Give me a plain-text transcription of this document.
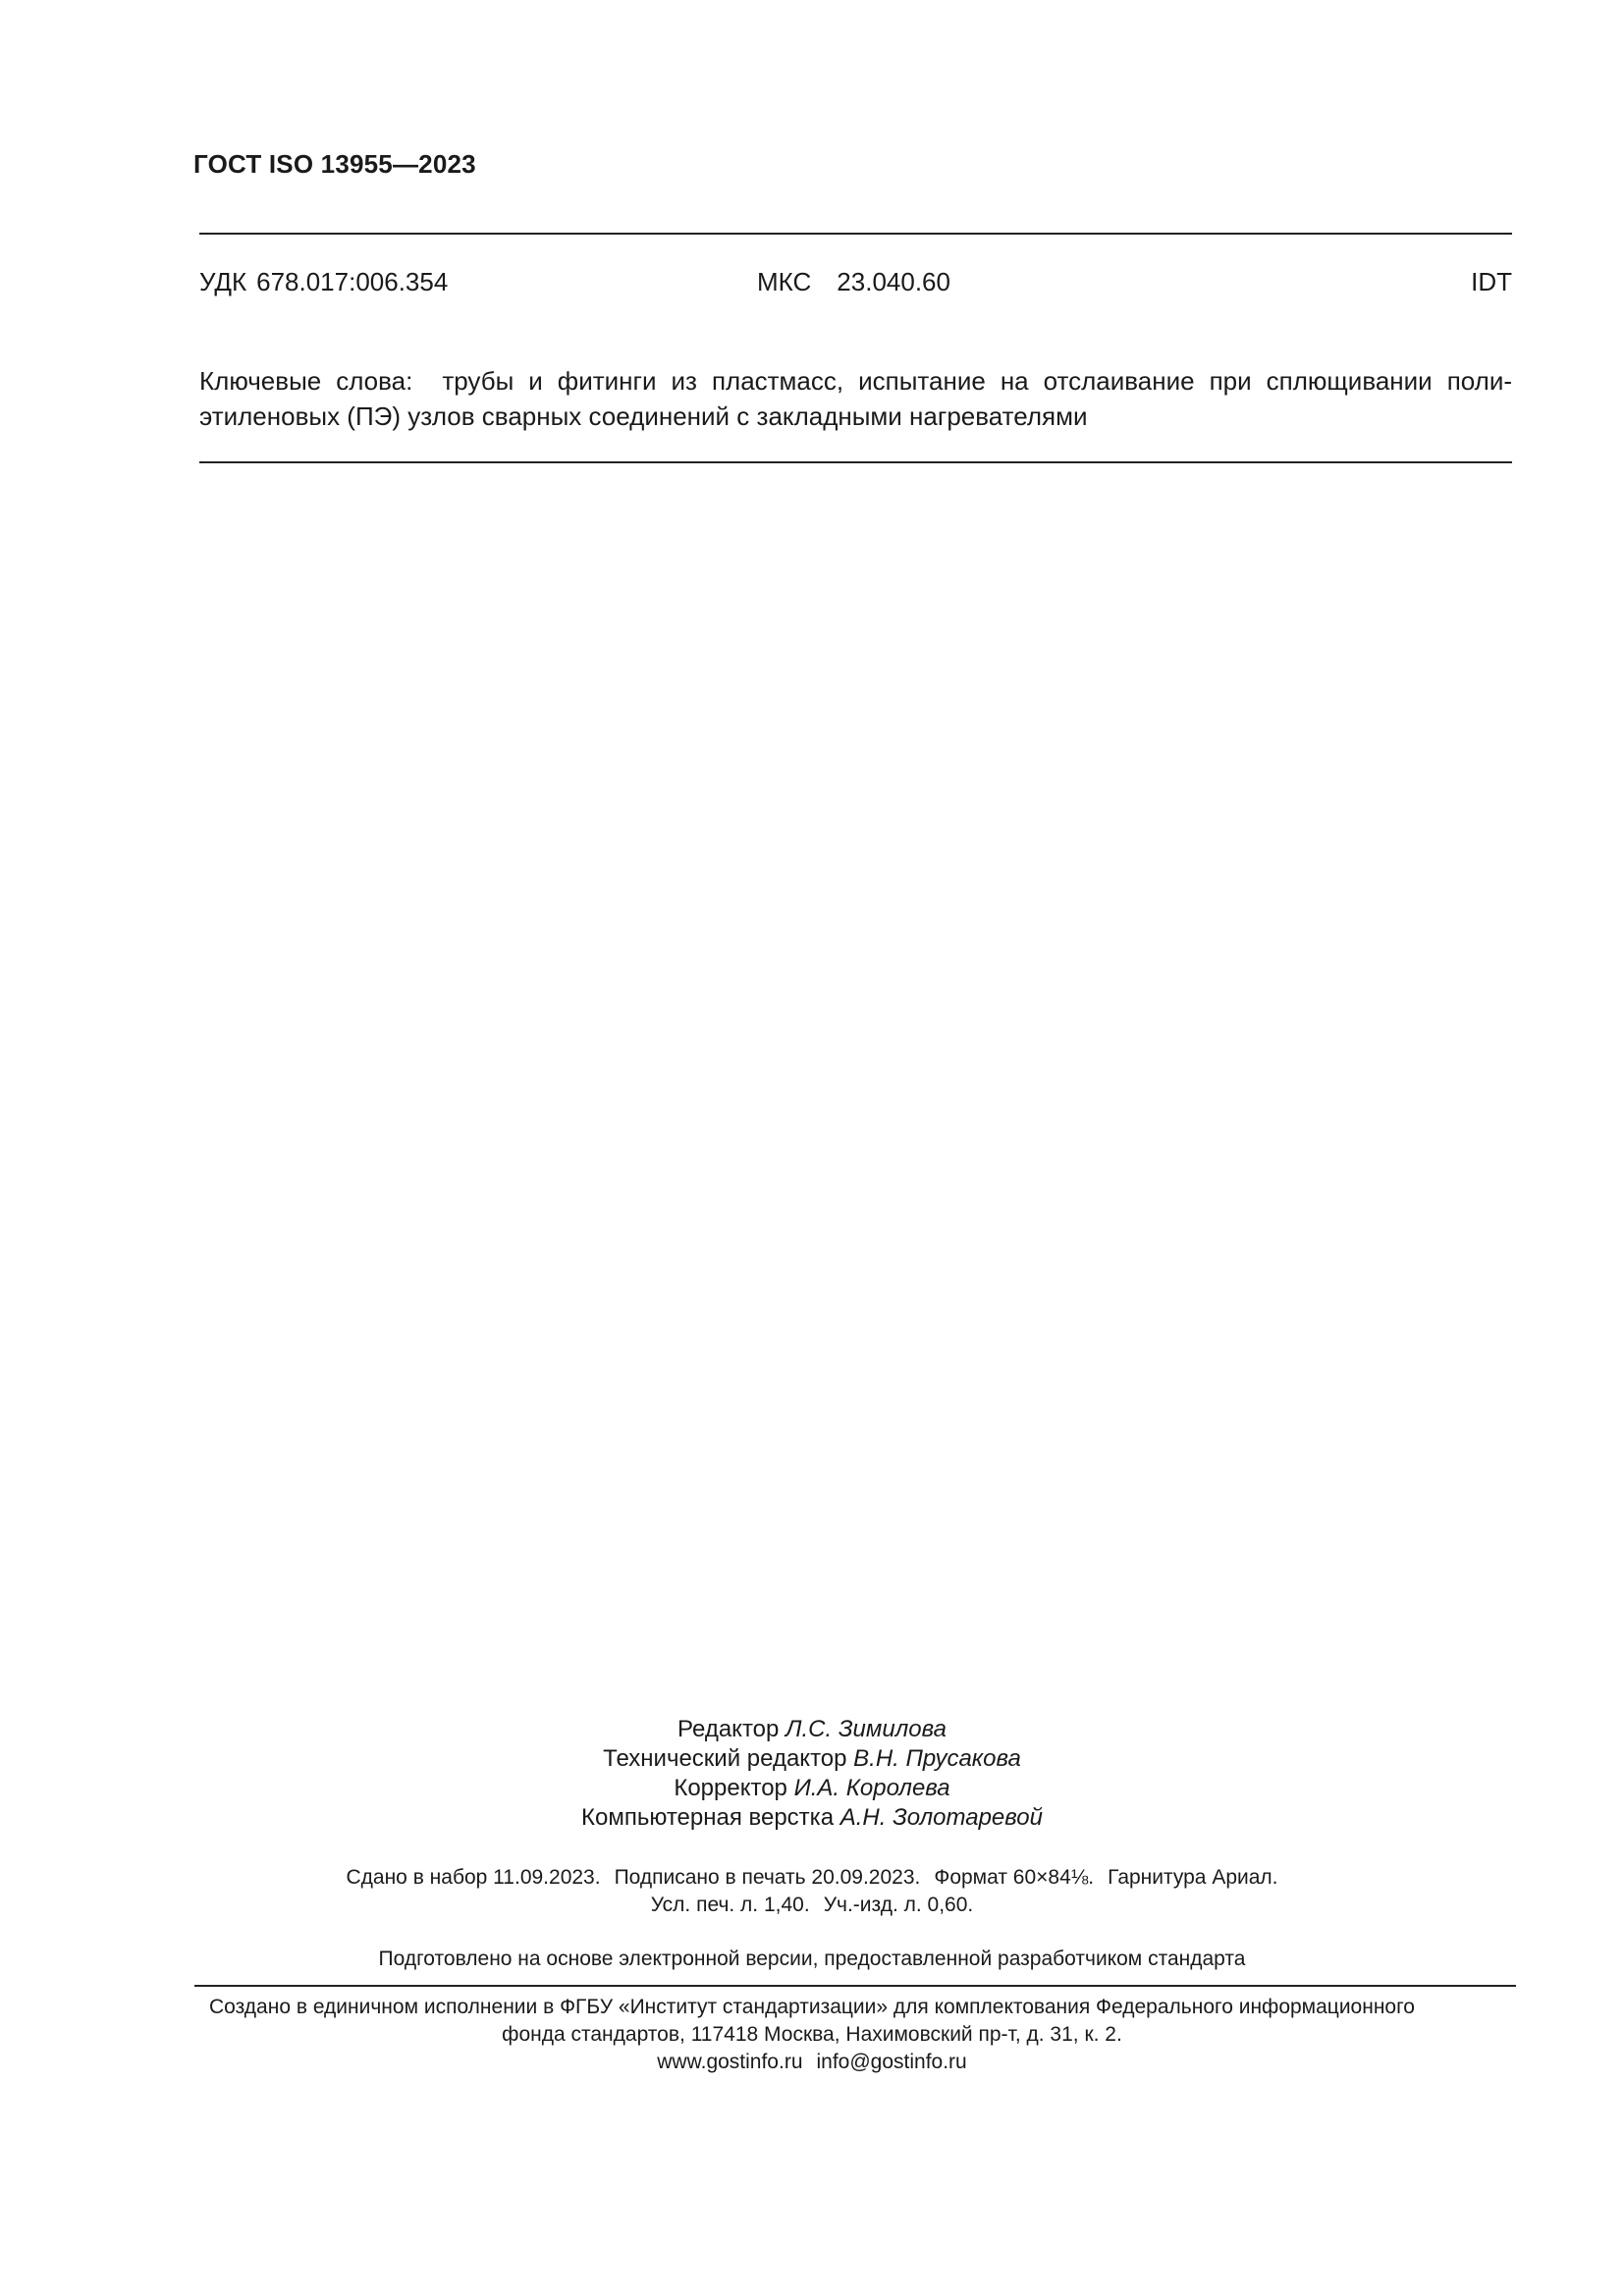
ГОСТ ISO 13955—2023
УДК 678.017:006.354	МКС 23.040.60	IDT
Ключевые слова: трубы и фитинги из пластмасс, испытание на отслаивание при сплющивании поли-этиленовых (ПЭ) узлов сварных соединений с закладными нагревателями
Редактор Л.С. Зимилова
Технический редактор В.Н. Прусакова
Корректор И.А. Королева
Компьютерная верстка А.Н. Золотаревой
Сдано в набор 11.09.2023. Подписано в печать 20.09.2023. Формат 60×84⅛. Гарнитура Ариал.
Усл. печ. л. 1,40. Уч.-изд. л. 0,60.
Подготовлено на основе электронной версии, предоставленной разработчиком стандарта
Создано в единичном исполнении в ФГБУ «Институт стандартизации» для комплектования Федерального информационного
фонда стандартов, 117418 Москва, Нахимовский пр-т, д. 31, к. 2.
www.gostinfo.ru info@gostinfo.ru
